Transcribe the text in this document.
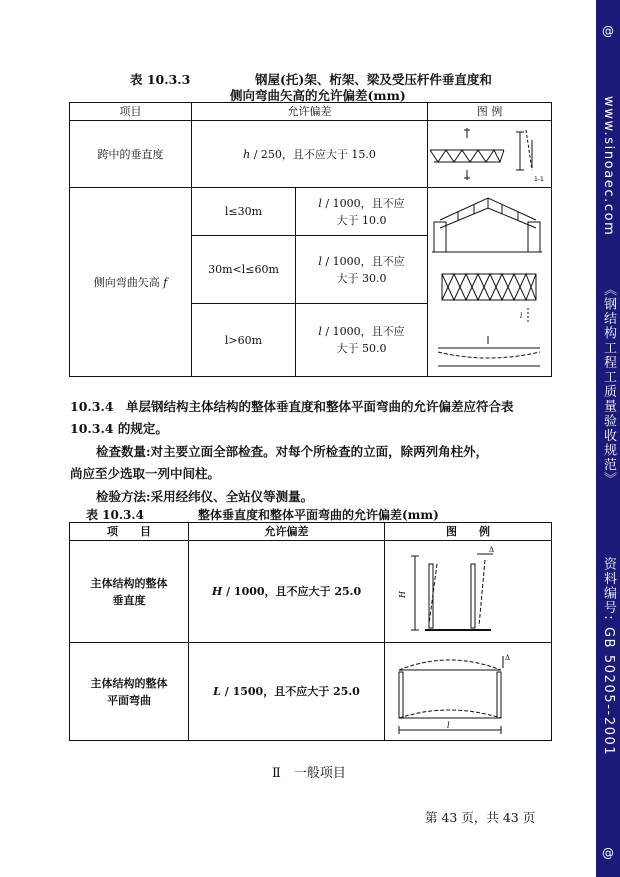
表 10.3.3	钢屋(托)架、桁架、梁及受压杆件垂直度和
侧向弯曲矢高的允许偏差(mm)
项目	允许偏差		图 例
跨中的垂直度	h / 250，且不应大于 15.0		1-1

侧向弯曲矢高 f	l≤30m	l / 1000，且不应
大于 10.0	l

	30m<l≤60m	l / 1000，且不应
大于 30.0	
	l>60m	l / 1000，且不应
大于 50.0	
10.3.4　 单层钢结构主体结构的整体垂直度和整体平面弯曲的允许偏差应符合表
10.3.4 的规定。
检查数量:对主要立面全部检查。对每个所检查的立面，除两列角柱外，
尚应至少选取一列中间柱。
检验方法:采用经纬仪、全站仪等测量。
表 10.3.4	整体垂直度和整体平面弯曲的允许偏差(mm)
项　　目	允许偏差	图　　例
主体结构的整体
垂直度	H / 1000，且不应大于 25.0	H
Δ

主体结构的整体
平面弯曲	L / 1500，且不应大于 25.0	Δ
l
Ⅱ　一般项目
第 43 页，共 43 页
@
www.sinoaec.com《钢结构工程工质量验收规范》资料编号: GB 50205--2001
@
